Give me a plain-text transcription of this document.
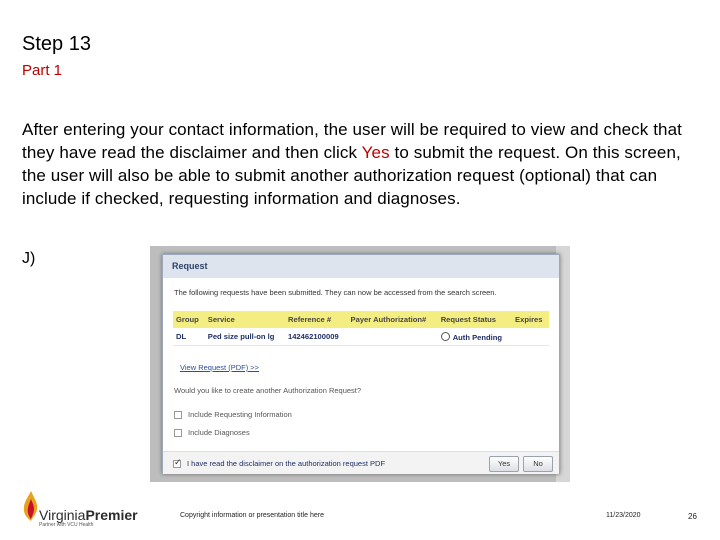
Step 13
Part 1
After entering your contact information, the user will be required to view and check that they have read the disclaimer and then click Yes to submit the request. On this screen, the user will also be able to submit another authorization request (optional) that can include if checked, requesting information and diagnoses.
J)	Request
The following requests have been submitted. They can now be accessed from the search screen.
Group	Service	Reference #	Payer Authorization#	Request Status	Expires
DL	Ped size pull-on lg	142462100009		Auth Pending	
View Request (PDF) >>
Would you like to create another Authorization Request?
Include Requesting Information
Include Diagnoses
✓
I have read the disclaimer on the authorization request PDF	Yes	No
VirginiaPremier
Partner with VCU Health
Copyright information or presentation title here	11/23/2020	26
